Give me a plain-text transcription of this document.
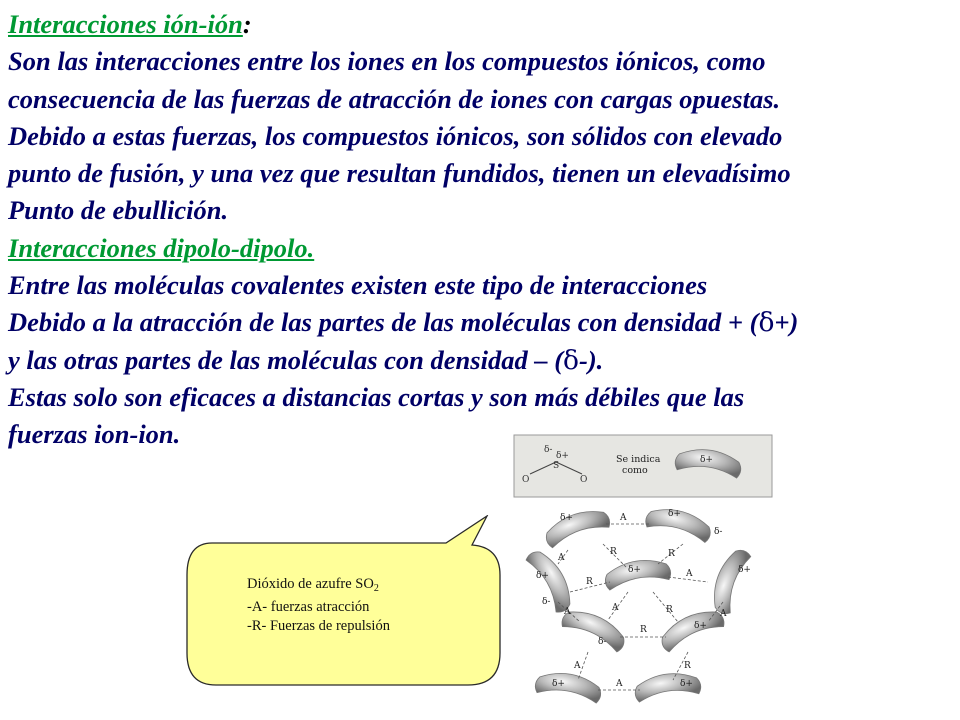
Interacciones ión-ión:
Son las interacciones entre los iones en los compuestos iónicos, como
consecuencia de las fuerzas de atracción de iones con cargas opuestas.
Debido a estas fuerzas, los compuestos iónicos, son sólidos con elevado
punto de fusión, y una vez que resultan fundidos, tienen un elevadísimo
Punto de ebullición.
Interacciones dipolo-dipolo.
Entre las moléculas covalentes existen este tipo de interacciones
Debido a la atracción de las partes de las moléculas con densidad + (δ+)
y las otras partes de las moléculas con densidad – (δ-).
Estas solo son eficaces a distancias cortas y son más débiles que las
fuerzas ion-ion.
δ-
δ+
O
S
O
Se indica
como
δ+
A
A
R	R
A
R
A	A	R	A
R
A	R
A
δ+	δ+
δ+
δ+	δ+
δ+
δ+	δ+
δ-
δ-
δ-
Dióxido de azufre $SO_2$
-A- fuerzas atracción
-R- Fuerzas de repulsión
